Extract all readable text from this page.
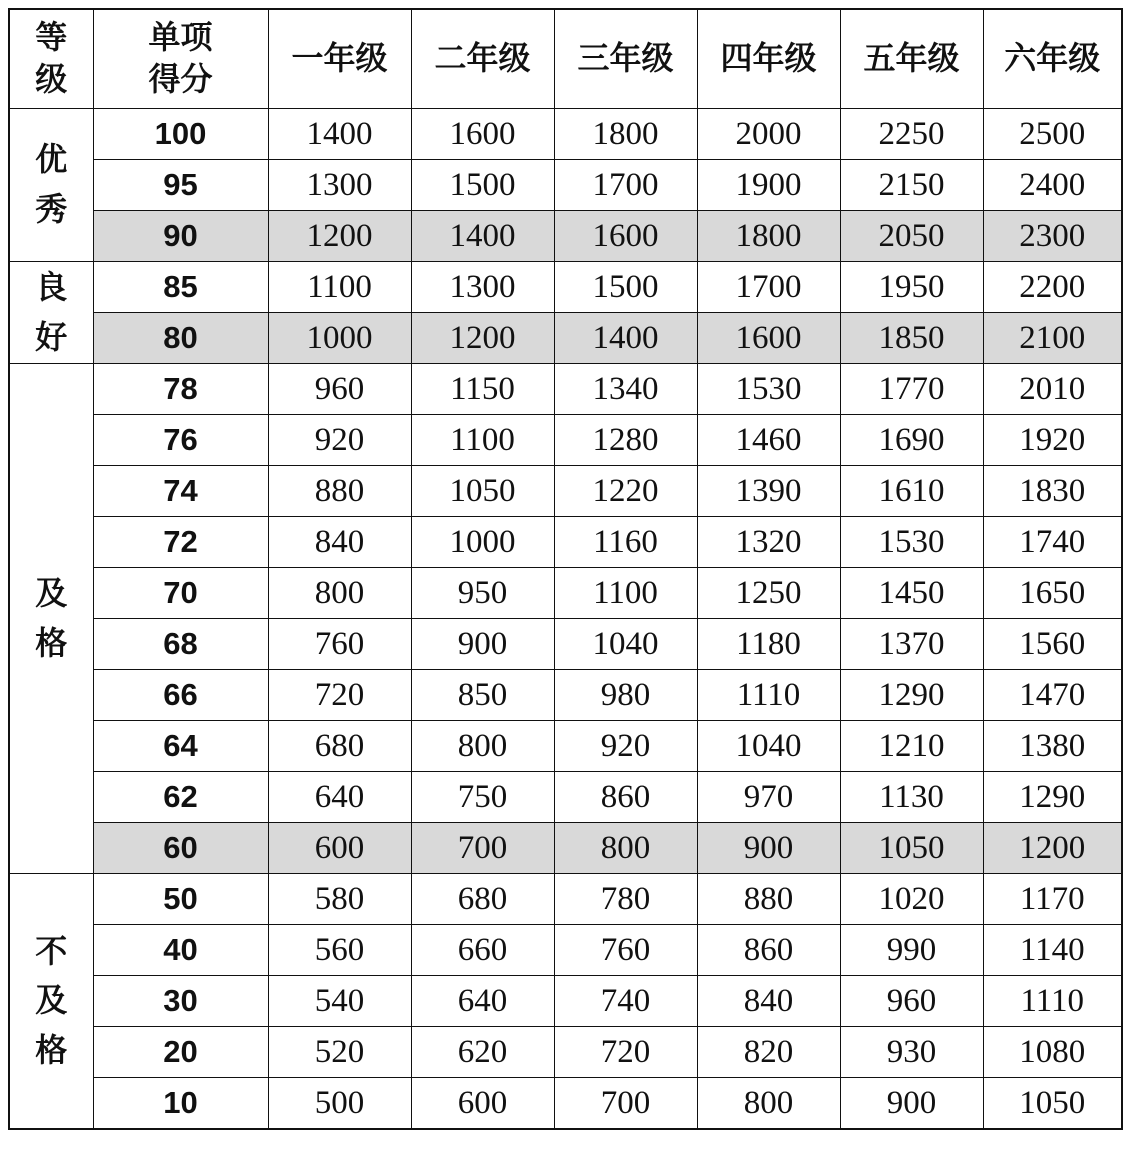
等
级	单项
得分	一年级	二年级	三年级	四年级	五年级	六年级

优
秀	100	1400	1600	1800	2000	2250	2500
	95	1300	1500	1700	1900	2150	2400
	90	1200	1400	1600	1800	2050	2300

良
好	85	1100	1300	1500	1700	1950	2200
	80	1000	1200	1400	1600	1850	2100

及
格	78	960	1150	1340	1530	1770	2010
	76	920	1100	1280	1460	1690	1920
	74	880	1050	1220	1390	1610	1830
	72	840	1000	1160	1320	1530	1740
	70	800	950	1100	1250	1450	1650
	68	760	900	1040	1180	1370	1560
	66	720	850	980	1110	1290	1470
	64	680	800	920	1040	1210	1380
	62	640	750	860	970	1130	1290
	60	600	700	800	900	1050	1200

不
及
格	50	580	680	780	880	1020	1170
	40	560	660	760	860	990	1140
	30	540	640	740	840	960	1110
	20	520	620	720	820	930	1080
	10	500	600	700	800	900	1050
